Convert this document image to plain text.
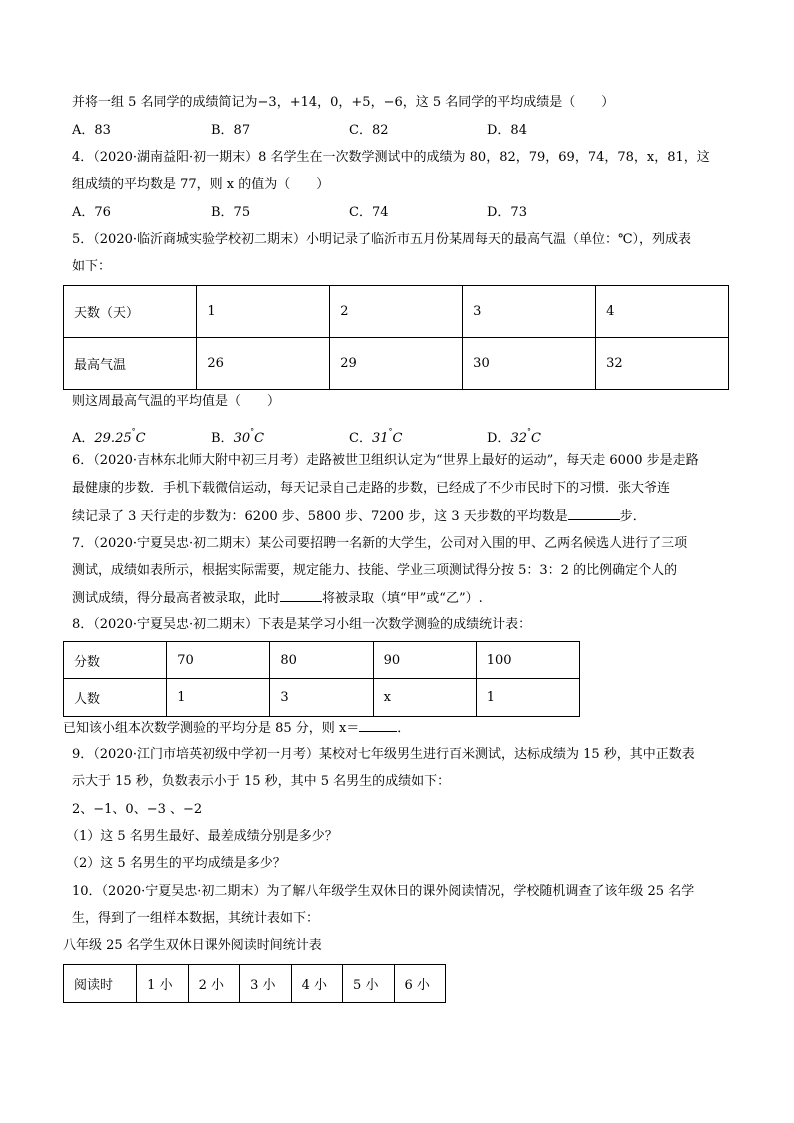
并将一组 5 名同学的成绩简记为−3，+14，0，+5，−6，这 5 名同学的平均成绩是（　　）
A．83	B．87	C．82	D．84
4．（2020·湖南益阳·初一期末）8 名学生在一次数学测试中的成绩为 80，82，79，69，74，78，x，81，这
组成绩的平均数是 77，则 x 的值为（　　）
A．76	B．75	C．74	D．73
5．（2020·临沂商城实验学校初二期末）小明记录了临沂市五月份某周每天的最高气温（单位：℃），列成表
如下：
天数（天）	1	2	3	4
最高气温	26	29	30	32
则这周最高气温的平均值是（　　）
A．29.25°C	B．30°C	C．31°C	D．32°C
6．（2020·吉林东北师大附中初三月考）走路被世卫组织认定为“世界上最好的运动”，每天走 6000 步是走路
最健康的步数．手机下载微信运动，每天记录自己走路的步数，已经成了不少市民时下的习惯．张大爷连
续记录了 3 天行走的步数为：6200 步、5800 步、7200 步，这 3 天步数的平均数是	步．
7．（2020·宁夏吴忠·初二期末）某公司要招聘一名新的大学生，公司对入围的甲、乙两名候选人进行了三项
测试，成绩如表所示，根据实际需要，规定能力、技能、学业三项测试得分按 5：3：2 的比例确定个人的
测试成绩，得分最高者被录取，此时	将被录取（填“甲”或“乙”）.
8．（2020·宁夏吴忠·初二期末）下表是某学习小组一次数学测验的成绩统计表：
分数	70	80	90	100
人数	1	3	x	1
已知该小组本次数学测验的平均分是 85 分，则 x＝	．
9．（2020·江门市培英初级中学初一月考）某校对七年级男生进行百米测试，达标成绩为 15 秒，其中正数表
示大于 15 秒，负数表示小于 15 秒，其中 5 名男生的成绩如下：
2、−1、0、−3 、−2
（1）这 5 名男生最好、最差成绩分别是多少？
（2）这 5 名男生的平均成绩是多少？
10．（2020·宁夏吴忠·初二期末）为了解八年级学生双休日的课外阅读情况，学校随机调查了该年级 25 名学
生，得到了一组样本数据，其统计表如下：
八年级 25 名学生双休日课外阅读时间统计表
阅读时	1 小	2 小	3 小	4 小	5 小	6 小
